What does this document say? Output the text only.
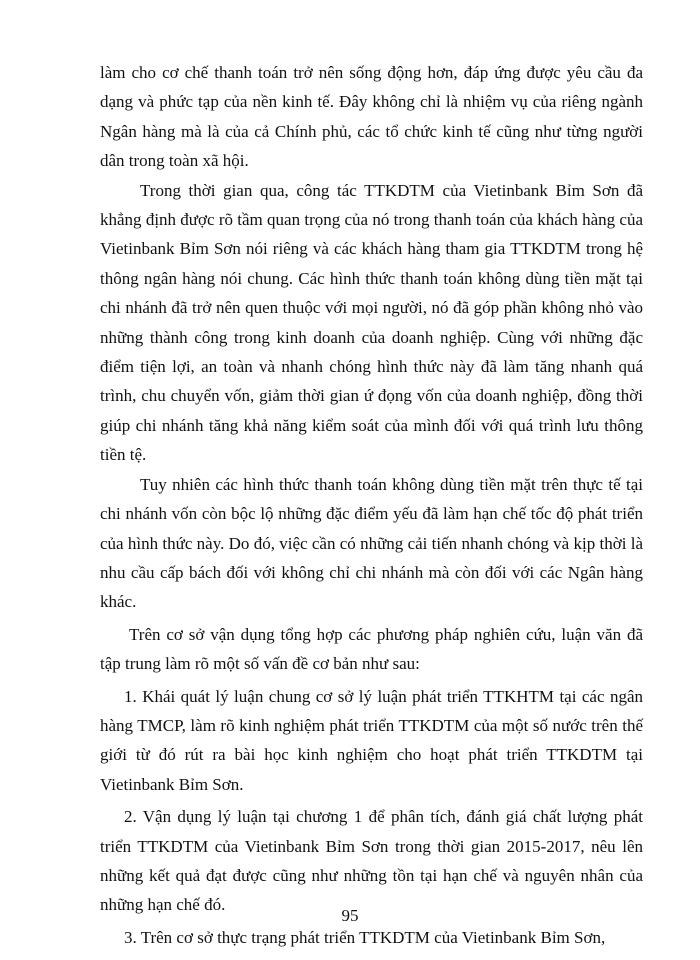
làm cho cơ chế thanh toán trở nên sống động hơn, đáp ứng được yêu cầu đa dạng và phức tạp của nền kinh tế. Đây không chỉ là nhiệm vụ của riêng ngành Ngân hàng mà là của cả Chính phủ, các tổ chức kinh tế cũng như từng người dân trong toàn xã hội.

Trong thời gian qua, công tác TTKDTM của Vietinbank Bỉm Sơn đã khẳng định được rõ tầm quan trọng của nó trong thanh toán của khách hàng của Vietinbank Bỉm Sơn nói riêng và các khách hàng tham gia TTKDTM trong hệ thông ngân hàng nói chung. Các hình thức thanh toán không dùng tiền mặt tại chi nhánh đã trở nên quen thuộc với mọi người, nó đã góp phần không nhỏ vào những thành công trong kinh doanh của doanh nghiệp. Cùng với những đặc điểm tiện lợi, an toàn và nhanh chóng hình thức này đã làm tăng nhanh quá trình, chu chuyển vốn, giảm thời gian ứ đọng vốn của doanh nghiệp, đồng thời giúp chi nhánh tăng khả năng kiểm soát của mình đối với quá trình lưu thông tiền tệ.

Tuy nhiên các hình thức thanh toán không dùng tiền mặt trên thực tế tại chi nhánh vốn còn bộc lộ những đặc điểm yếu đã làm hạn chế tốc độ phát triển của hình thức này. Do đó, việc cần có những cải tiến nhanh chóng và kịp thời là nhu cầu cấp bách đối với không chỉ chi nhánh mà còn đối với các Ngân hàng khác.

Trên cơ sở vận dụng tổng hợp các phương pháp nghiên cứu, luận văn đã tập trung làm rõ một số vấn đề cơ bản như sau:

1. Khái quát lý luận chung cơ sở lý luận phát triển TTKHTM tại các ngân hàng TMCP, làm rõ kinh nghiệm phát triển TTKDTM của một số nước trên thế giới từ đó rút ra bài học kinh nghiệm cho hoạt phát triển TTKDTM tại Vietinbank Bỉm Sơn.

2. Vận dụng lý luận tại chương 1 để phân tích, đánh giá chất lượng phát triển TTKDTM của Vietinbank Bỉm Sơn trong thời gian 2015-2017, nêu lên những kết quả đạt được cũng như những tồn tại hạn chế và nguyên nhân của những hạn chế đó.

3. Trên cơ sở thực trạng phát triển TTKDTM của Vietinbank Bỉm Sơn,

95
